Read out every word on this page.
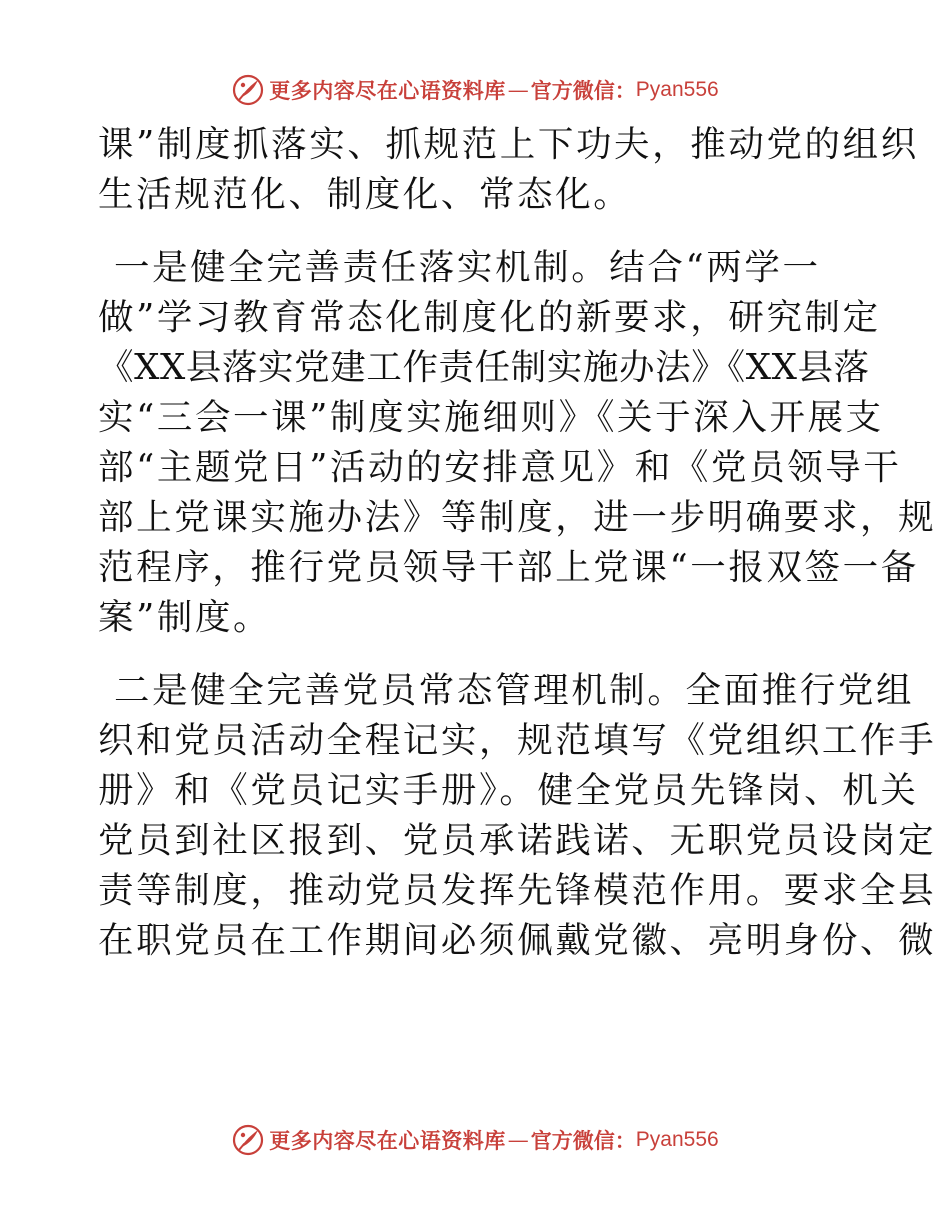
更多内容尽在心语资料库 — 官方微信： Pyan556
课”制度抓落实、抓规范上下功夫，推动党的组织
生活规范化、制度化、常态化。
一是健全完善责任落实机制。结合“两学一
做”学习教育常态化制度化的新要求，研究制定
《XX县落实党建工作责任制实施办法》《XX县落
实“三会一课”制度实施细则》《关于深入开展支
部“主题党日”活动的安排意见》和《党员领导干
部上党课实施办法》等制度，进一步明确要求，规
范程序，推行党员领导干部上党课“一报双签一备
案”制度。
二是健全完善党员常态管理机制。全面推行党组
织和党员活动全程记实，规范填写《党组织工作手
册》和《党员记实手册》。健全党员先锋岗、机关
党员到社区报到、党员承诺践诺、无职党员设岗定
责等制度，推动党员发挥先锋模范作用。要求全县
在职党员在工作期间必须佩戴党徽、亮明身份、微
更多内容尽在心语资料库 — 官方微信： Pyan556
